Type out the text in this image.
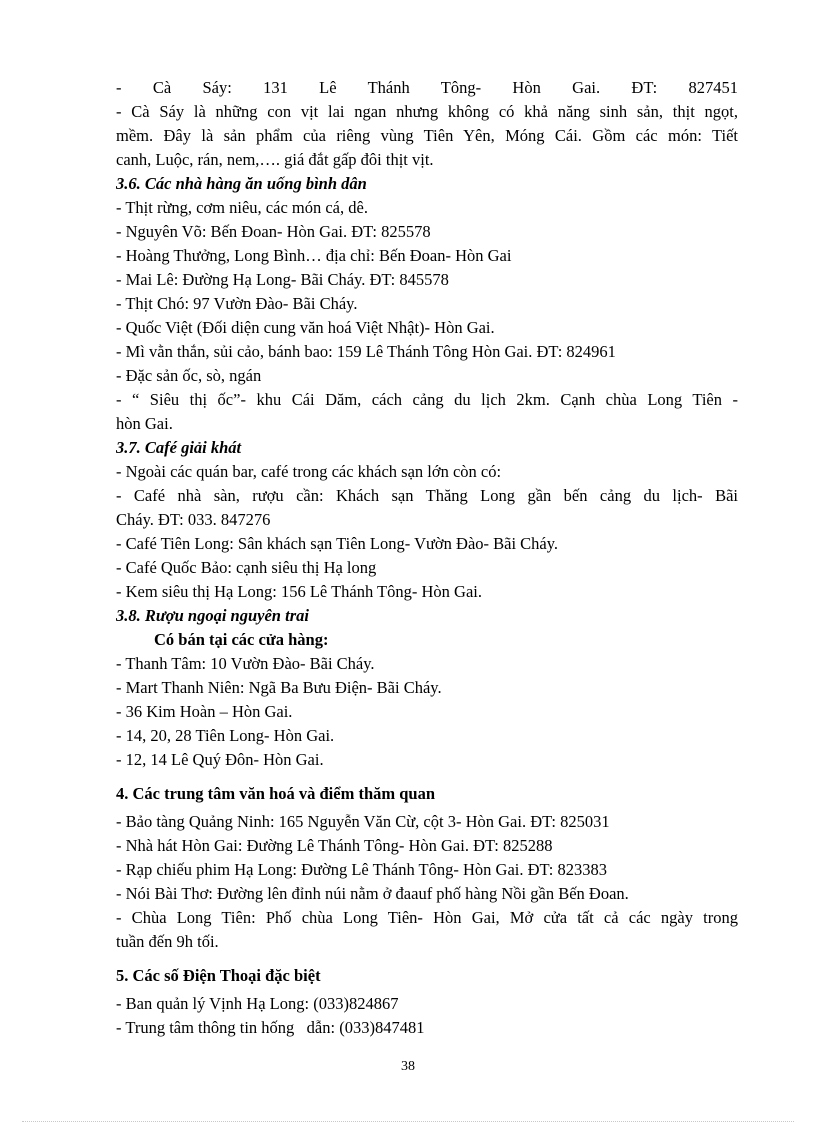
- Cà Sáy: 131 Lê Thánh Tông- Hòn Gai. ĐT: 827451
- Cà Sáy là những con vịt lai ngan nhưng không có khả năng sinh sản, thịt ngọt,
mềm. Đây là sản phẩm của riêng vùng Tiên Yên, Móng Cái. Gồm các món: Tiết
canh, Luộc, rán, nem,…. giá đắt gấp đôi thịt vịt.
3.6. Các nhà hàng ăn uống bình dân
- Thịt rừng, cơm niêu, các món cá, dê.
- Nguyên Võ: Bến Đoan- Hòn Gai. ĐT: 825578
- Hoàng Thưởng, Long Bình… địa chỉ: Bến Đoan- Hòn Gai
- Mai Lê: Đường Hạ Long- Bãi Cháy. ĐT: 845578
- Thịt Chó: 97 Vườn Đào- Bãi Cháy.
- Quốc Việt (Đối diện cung văn hoá Việt Nhật)- Hòn Gai.
- Mì vằn thắn, sủi cảo, bánh bao: 159 Lê Thánh Tông Hòn Gai. ĐT: 824961
- Đặc sản ốc, sò, ngán
- “ Siêu thị ốc”- khu Cái Dăm, cách cảng du lịch 2km. Cạnh chùa Long Tiên -
hòn Gai.
3.7. Café giải khát
- Ngoài các quán bar, café trong các khách sạn lớn còn có:
- Café nhà sàn, rượu cần: Khách sạn Thăng Long gần bến cảng du lịch- Bãi
Cháy. ĐT: 033. 847276
- Café Tiên Long: Sân khách sạn Tiên Long- Vườn Đào- Bãi Cháy.
- Café Quốc Bảo: cạnh siêu thị Hạ long
- Kem siêu thị Hạ Long: 156 Lê Thánh Tông- Hòn Gai.
3.8. Rượu ngoại nguyên trai
Có bán tại các cửa hàng:
- Thanh Tâm: 10 Vườn Đào- Bãi Cháy.
- Mart Thanh Niên: Ngã Ba Bưu Điện- Bãi Cháy.
- 36 Kim Hoàn – Hòn Gai.
- 14, 20, 28 Tiên Long- Hòn Gai.
- 12, 14 Lê Quý Đôn- Hòn Gai.
4. Các trung tâm văn hoá và điểm thăm quan
- Bảo tàng Quảng Ninh: 165 Nguyễn Văn Cừ, cột 3- Hòn Gai. ĐT: 825031
- Nhà hát Hòn Gai: Đường Lê Thánh Tông- Hòn Gai. ĐT: 825288
- Rạp chiếu phim Hạ Long: Đường Lê Thánh Tông- Hòn Gai. ĐT: 823383
- Nói Bài Thơ: Đường lên đỉnh núi nằm ở đaauf phố hàng Nồi gần Bến Đoan.
- Chùa Long Tiên: Phố chùa Long Tiên- Hòn Gai, Mở cửa tất cả các ngày trong
tuần đến 9h tối.
5. Các số Điện Thoại đặc biệt
- Ban quản lý Vịnh Hạ Long: (033)824867
- Trung tâm thông tin hống   dẫn: (033)847481
38
